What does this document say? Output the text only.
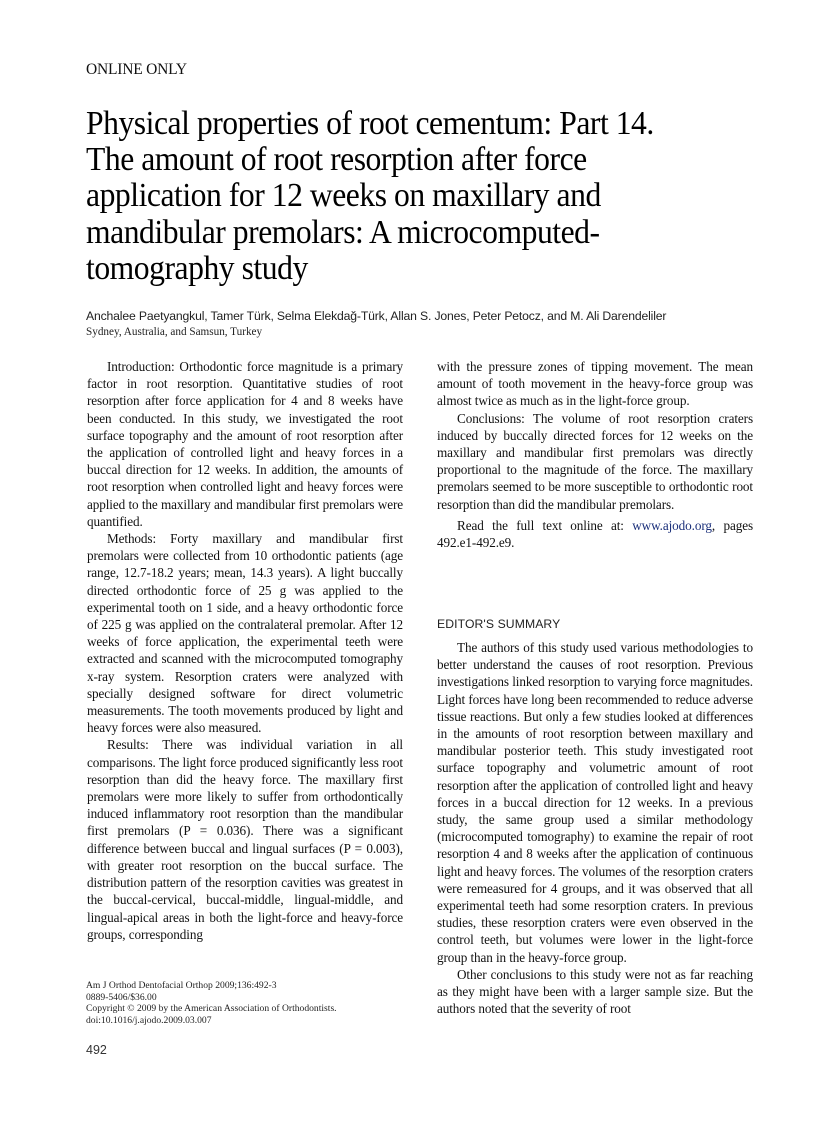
ONLINE ONLY
Physical properties of root cementum: Part 14.
The amount of root resorption after force
application for 12 weeks on maxillary and
mandibular premolars: A microcomputed-
tomography study
Anchalee Paetyangkul, Tamer Türk, Selma Elekdağ-Türk, Allan S. Jones, Peter Petocz, and M. Ali Darendeliler
Sydney, Australia, and Samsun, Turkey

Introduction: Orthodontic force magnitude is a primary factor in root resorption. Quantitative studies of root resorption after force application for 4 and 8 weeks have been conducted. In this study, we investigated the root surface topography and the amount of root resorption after the application of controlled light and heavy forces in a buccal direction for 12 weeks. In addition, the amounts of root resorption when controlled light and heavy forces were applied to the maxillary and mandibular first premolars were quantified.

Methods: Forty maxillary and mandibular first premolars were collected from 10 orthodontic patients (age range, 12.7-18.2 years; mean, 14.3 years). A light buccally directed orthodontic force of 25 g was applied to the experimental tooth on 1 side, and a heavy orthodontic force of 225 g was applied on the contralateral premolar. After 12 weeks of force application, the experimental teeth were extracted and scanned with the microcomputed tomography x-ray system. Resorption craters were analyzed with specially designed software for direct volumetric measurements. The tooth movements produced by light and heavy forces were also measured.

Results: There was individual variation in all comparisons. The light force produced significantly less root resorption than did the heavy force. The maxillary first premolars were more likely to suffer from orthodontically induced inflammatory root resorption than the mandibular first premolars (P = 0.036). There was a significant difference between buccal and lingual surfaces (P = 0.003), with greater root resorption on the buccal surface. The distribution pattern of the resorption cavities was greatest in the buccal-cervical, buccal-middle, lingual-middle, and lingual-apical areas in both the light-force and heavy-force groups, corresponding

with the pressure zones of tipping movement. The mean amount of tooth movement in the heavy-force group was almost twice as much as in the light-force group.

Conclusions: The volume of root resorption craters induced by buccally directed forces for 12 weeks on the maxillary and mandibular first premolars was directly proportional to the magnitude of the force. The maxillary premolars seemed to be more susceptible to orthodontic root resorption than did the mandibular premolars.

Read the full text online at: www.ajodo.org, pages 492.e1-492.e9.

EDITOR'S SUMMARY

The authors of this study used various methodologies to better understand the causes of root resorption. Previous investigations linked resorption to varying force magnitudes. Light forces have long been recommended to reduce adverse tissue reactions. But only a few studies looked at differences in the amounts of root resorption between maxillary and mandibular posterior teeth. This study investigated root surface topography and volumetric amount of root resorption after the application of controlled light and heavy forces in a buccal direction for 12 weeks. In a previous study, the same group used a similar methodology (microcomputed tomography) to examine the repair of root resorption 4 and 8 weeks after the application of continuous light and heavy forces. The volumes of the resorption craters were remeasured for 4 groups, and it was observed that all experimental teeth had some resorption craters. In previous studies, these resorption craters were even observed in the control teeth, but volumes were lower in the light-force group than in the heavy-force group.

Other conclusions to this study were not as far reaching as they might have been with a larger sample size. But the authors noted that the severity of root

Am J Orthod Dentofacial Orthop 2009;136:492-3
0889-5406/$36.00
Copyright © 2009 by the American Association of Orthodontists.
doi:10.1016/j.ajodo.2009.03.007
492
